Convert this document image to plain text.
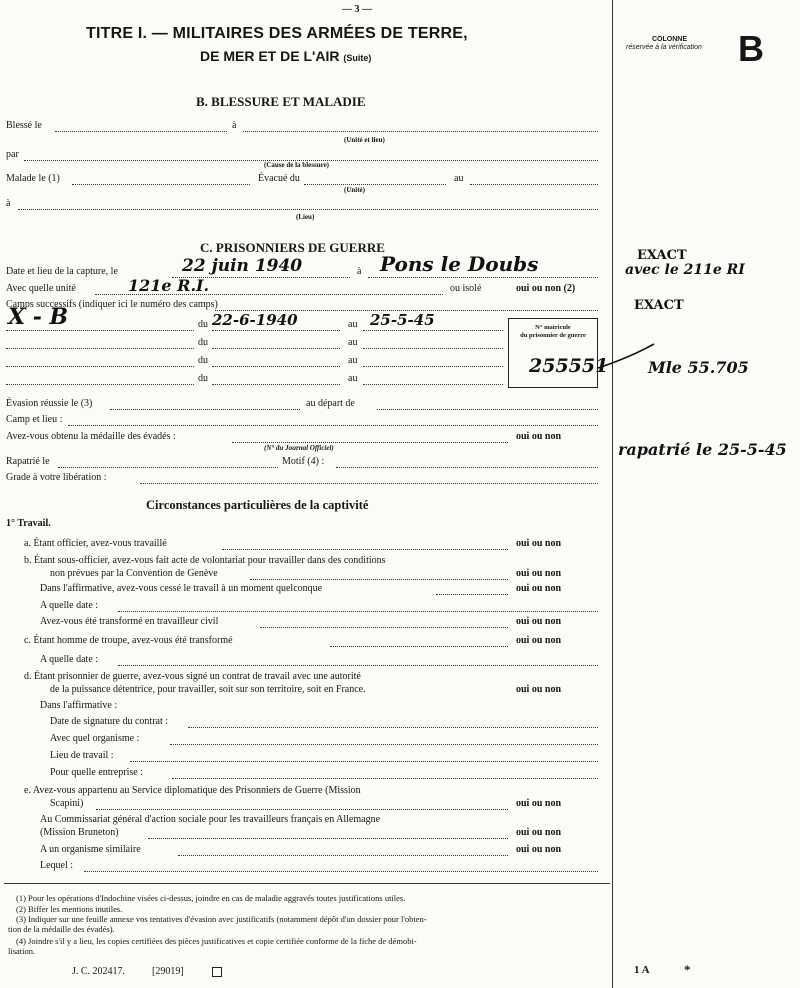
— 3 —
TITRE I. — MILITAIRES DES ARMÉES DE TERRE,
DE MER ET DE L'AIR (Suite)
COLONNE
réservée à la vérification B
B. BLESSURE ET MALADIE
Blessé le	à
(Unité et lieu)
par
(Cause de la blessure)
Malade le (1)	Évacué du	au
(Unité)
à
(Lieu)
C. PRISONNIERS DE GUERRE
Date et lieu de la capture, le	22 juin 1940	à Pons le Doubs
Avec quelle unité	121e R.I.	ou isolé	oui ou non (2)
Camps successifs (indiquer ici le numéro des camps)
X - B	du 22-6-1940	au 25-5-45
du	au
du	au
du	au
N° matricule
du prisonnier de guerre
255551
Évasion réussie le (3)	au départ de
Camp et lieu :
Avez-vous obtenu la médaille des évadés :	oui ou non
(N° du Journal Officiel)
Rapatrié le	Motif (4) :
Grade à votre libération :
EXACT
avec le 211e RI
EXACT
Mle 55.705
rapatrié le 25-5-45
Circonstances particulières de la captivité
1° Travail.
a. Étant officier, avez-vous travaillé	oui ou non
b. Étant sous-officier, avez-vous fait acte de volontariat pour travailler dans des conditions
non prévues par la Convention de Genève	oui ou non
Dans l'affirmative, avez-vous cessé le travail à un moment quelconque	oui ou non
A quelle date :
Avez-vous été transformé en travailleur civil	oui ou non
c. Étant homme de troupe, avez-vous été transformé	oui ou non
A quelle date :
d. Étant prisonnier de guerre, avez-vous signé un contrat de travail avec une autorité
de la puissance détentrice, pour travailler, soit sur son territoire, soit en France.	oui ou non
Dans l'affirmative :
Date de signature du contrat :
Avec quel organisme :
Lieu de travail :
Pour quelle entreprise :
e. Avez-vous appartenu au Service diplomatique des Prisonniers de Guerre (Mission
Scapini)	oui ou non
Au Commissariat général d'action sociale pour les travailleurs français en Allemagne
(Mission Bruneton)	oui ou non
A un organisme similaire	oui ou non
Lequel :
(1) Pour les opérations d'Indochine visées ci-dessus, joindre en cas de maladie aggravés toutes justifications utiles.
(2) Biffer les mentions inutiles.
(3) Indiquer sur une feuille annexe vos tentatives d'évasion avec justificatifs (notamment dépôt d'un dossier pour l'obten-
tion de la médaille des évadés).
(4) Joindre s'il y a lieu, les copies certifiées des pièces justificatives et copie certifiée conforme de la fiche de démobi-
lisation.
J. C. 202417.	[29019]	1 A	*
